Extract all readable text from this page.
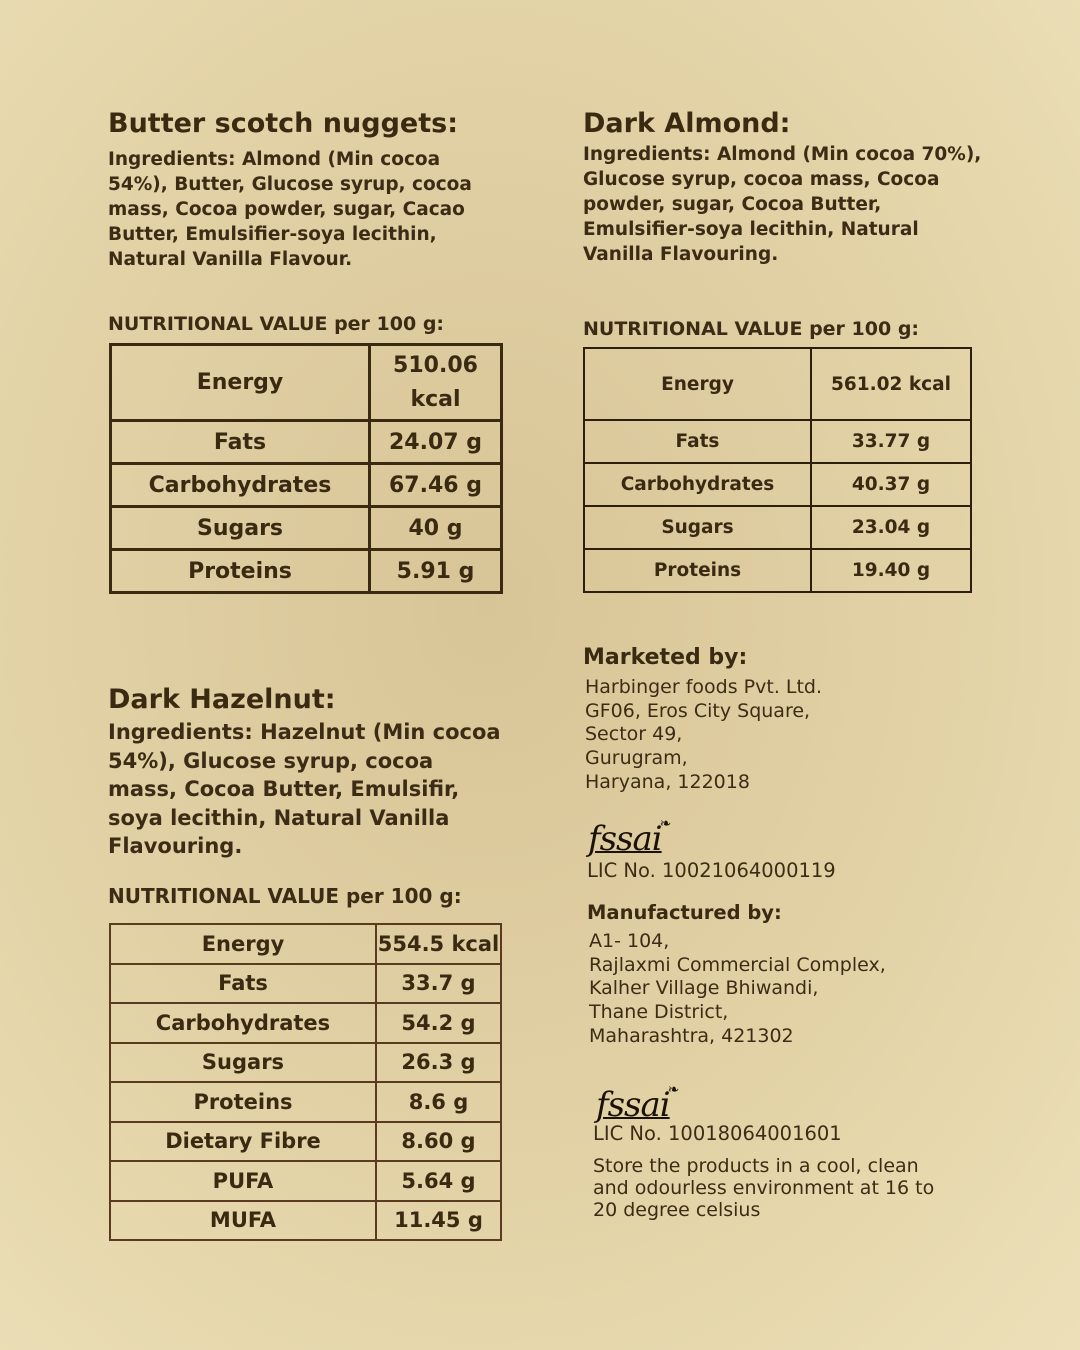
Butter scotch nuggets:

Ingredients: Almond (Min cocoa 54%), Butter, Glucose syrup, cocoa mass, Cocoa powder, sugar, Cacao Butter, Emulsifier-soya lecithin, Natural Vanilla Flavour.

NUTRITIONAL VALUE per 100 g:

Energy	510.06 kcal
Fats	24.07 g
Carbohydrates	67.46 g
Sugars	40 g
Proteins	5.91 g
Dark Almond:

Ingredients: Almond (Min cocoa 70%), Glucose syrup, cocoa mass, Cocoa powder, sugar, Cocoa Butter, Emulsifier-soya lecithin, Natural Vanilla Flavouring.

NUTRITIONAL VALUE per 100 g:

Energy	561.02 kcal
Fats	33.77 g
Carbohydrates	40.37 g
Sugars	23.04 g
Proteins	19.40 g
Dark Hazelnut:

Ingredients: Hazelnut (Min cocoa 54%), Glucose syrup, cocoa mass, Cocoa Butter, Emulsifir, soya lecithin, Natural Vanilla Flavouring.

NUTRITIONAL VALUE per 100 g:

Energy	554.5 kcal
Fats	33.7 g
Carbohydrates	54.2 g
Sugars	26.3 g
Proteins	8.6 g
Dietary Fibre	8.60 g
PUFA	5.64 g
MUFA	11.45 g
Marketed by:

Harbinger foods Pvt. Ltd.

GF06, Eros City Square,

Sector 49,

Gurugram,

Haryana, 122018

fssai❧
LIC No. 10021064000119
Manufactured by:

A1- 104,

Rajlaxmi Commercial Complex,

Kalher Village Bhiwandi,

Thane District,

Maharashtra, 421302

fssai❧
LIC No. 10018064001601

Store the products in a cool, clean and odourless environment at 16 to 20 degree celsius
